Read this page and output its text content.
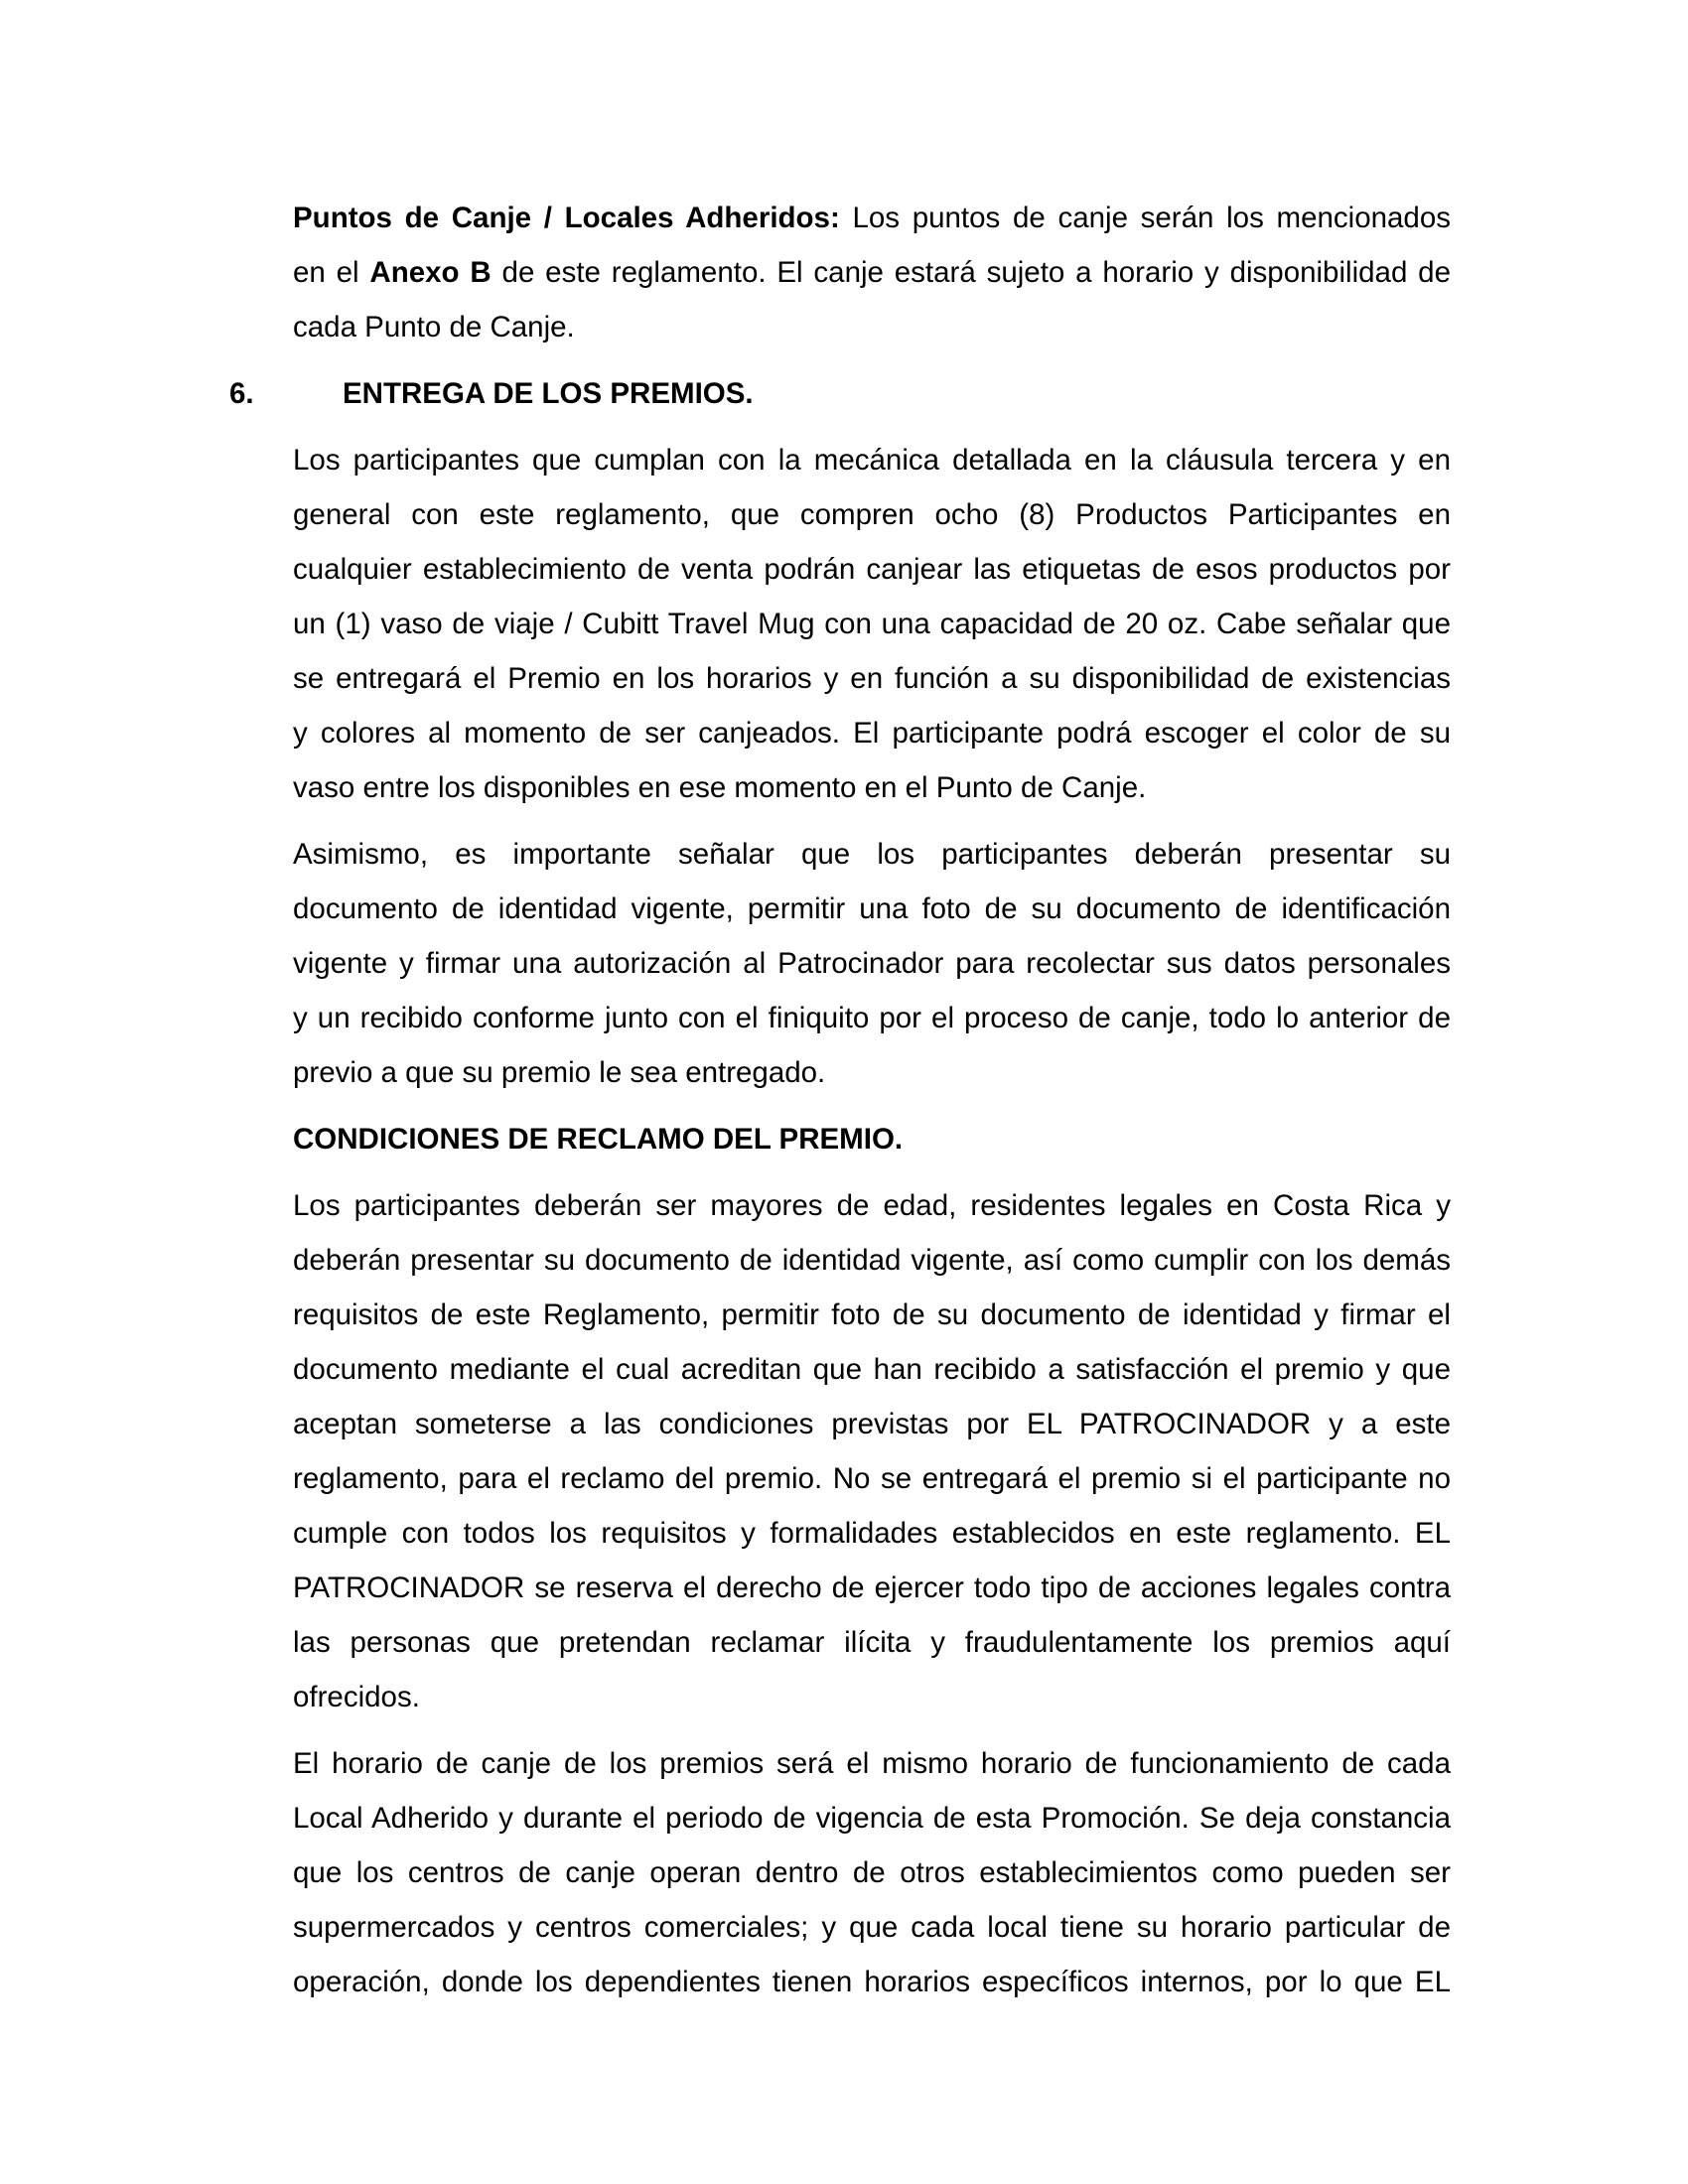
Puntos de Canje / Locales Adheridos: Los puntos de canje serán los mencionados
en el Anexo B de este reglamento. El canje estará sujeto a horario y disponibilidad de
cada Punto de Canje.
6.	ENTREGA DE LOS PREMIOS.
Los participantes que cumplan con la mecánica detallada en la cláusula tercera y en
general con este reglamento, que compren ocho (8) Productos Participantes en
cualquier establecimiento de venta podrán canjear las etiquetas de esos productos por
un (1) vaso de viaje / Cubitt Travel Mug con una capacidad de 20 oz. Cabe señalar que
se entregará el Premio en los horarios y en función a su disponibilidad de existencias
y colores al momento de ser canjeados. El participante podrá escoger el color de su
vaso entre los disponibles en ese momento en el Punto de Canje.
Asimismo, es importante señalar que los participantes deberán presentar su
documento de identidad vigente, permitir una foto de su documento de identificación
vigente y firmar una autorización al Patrocinador para recolectar sus datos personales
y un recibido conforme junto con el finiquito por el proceso de canje, todo lo anterior de
previo a que su premio le sea entregado.
CONDICIONES DE RECLAMO DEL PREMIO.
Los participantes deberán ser mayores de edad, residentes legales en Costa Rica y
deberán presentar su documento de identidad vigente, así como cumplir con los demás
requisitos de este Reglamento, permitir foto de su documento de identidad y firmar el
documento mediante el cual acreditan que han recibido a satisfacción el premio y que
aceptan someterse a las condiciones previstas por EL PATROCINADOR y a este
reglamento, para el reclamo del premio. No se entregará el premio si el participante no
cumple con todos los requisitos y formalidades establecidos en este reglamento. EL
PATROCINADOR se reserva el derecho de ejercer todo tipo de acciones legales contra
las personas que pretendan reclamar ilícita y fraudulentamente los premios aquí
ofrecidos.
El horario de canje de los premios será el mismo horario de funcionamiento de cada
Local Adherido y durante el periodo de vigencia de esta Promoción. Se deja constancia
que los centros de canje operan dentro de otros establecimientos como pueden ser
supermercados y centros comerciales; y que cada local tiene su horario particular de
operación, donde los dependientes tienen horarios específicos internos, por lo que EL
